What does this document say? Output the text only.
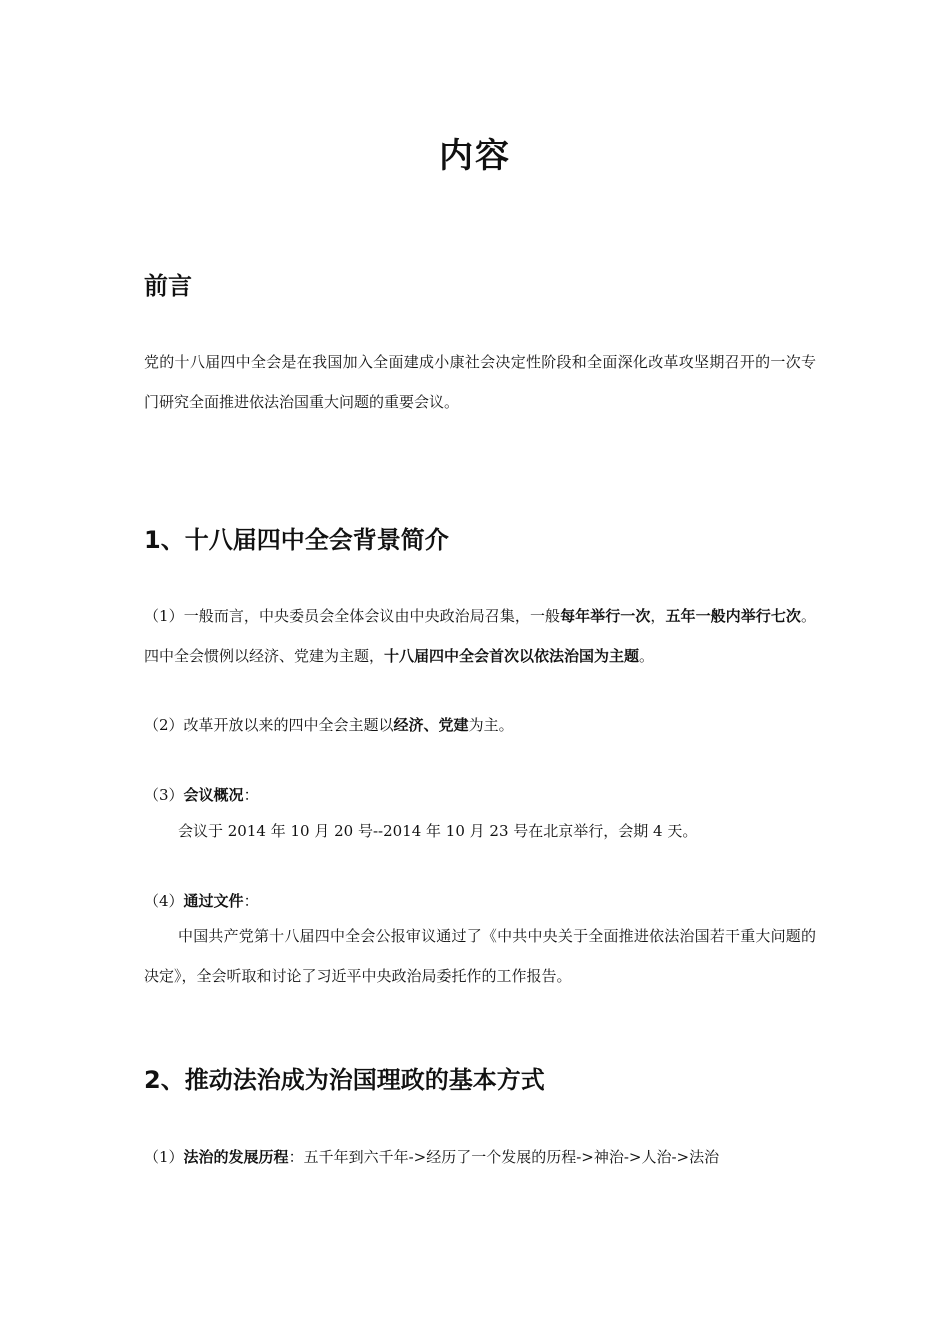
内容
前言
党的十八届四中全会是在我国加入全面建成小康社会决定性阶段和全面深化改革攻坚期召开的一次专门研究全面推进依法治国重大问题的重要会议。
1、十八届四中全会背景简介
（1）一般而言，中央委员会全体会议由中央政治局召集，一般每年举行一次，五年一般内举行七次。四中全会惯例以经济、党建为主题，十八届四中全会首次以依法治国为主题。
（2）改革开放以来的四中全会主题以经济、党建为主。
（3）会议概况：
会议于 2014 年 10 月 20 号--2014 年 10 月 23 号在北京举行，会期 4 天。
（4）通过文件：
中国共产党第十八届四中全会公报审议通过了《中共中央关于全面推进依法治国若干重大问题的决定》，全会听取和讨论了习近平中央政治局委托作的工作报告。
2、推动法治成为治国理政的基本方式
（1）法治的发展历程：五千年到六千年->经历了一个发展的历程->神治->人治->法治
